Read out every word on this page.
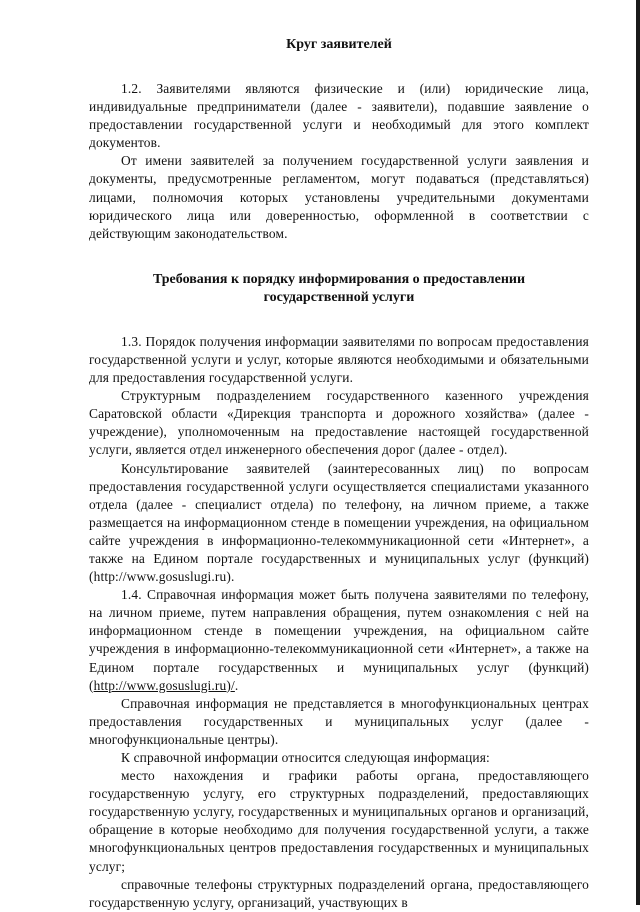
Круг заявителей

1.2. Заявителями являются физические и (или) юридические лица, индивидуальные предприниматели (далее - заявители), подавшие заявление о предоставлении государственной услуги и необходимый для этого комплект документов.

От имени заявителей за получением государственной услуги заявления и документы, предусмотренные регламентом, могут подаваться (представляться) лицами, полномочия которых установлены учредительными документами юридического лица или доверенностью, оформленной в соответствии с действующим законодательством.

Требования к порядку информирования о предоставлении
государственной услуги

1.3. Порядок получения информации заявителями по вопросам предоставления государственной услуги и услуг, которые являются необходимыми и обязательными для предоставления государственной услуги.

Структурным подразделением государственного казенного учреждения Саратовской области «Дирекция транспорта и дорожного хозяйства» (далее - учреждение), уполномоченным на предоставление настоящей государственной услуги, является отдел инженерного обеспечения дорог (далее - отдел).

Консультирование заявителей (заинтересованных лиц) по вопросам предоставления государственной услуги осуществляется специалистами указанного отдела (далее - специалист отдела) по телефону, на личном приеме, а также размещается на информационном стенде в помещении учреждения, на официальном сайте учреждения в информационно-телекоммуникационной сети «Интернет», а также на Едином портале государственных и муниципальных услуг (функций) (http://www.gosuslugi.ru).

1.4. Справочная информация может быть получена заявителями по телефону, на личном приеме, путем направления обращения, путем ознакомления с ней на информационном стенде в помещении учреждения, на официальном сайте учреждения в информационно-телекоммуникационной сети «Интернет», а также на Едином портале государственных и муниципальных услуг (функций) (http://www.gosuslugi.ru)/.

Справочная информация не представляется в многофункциональных центрах предоставления государственных и муниципальных услуг (далее - многофункциональные центры).

К справочной информации относится следующая информация:

место нахождения и графики работы органа, предоставляющего государственную услугу, его структурных подразделений, предоставляющих государственную услугу, государственных и муниципальных органов и организаций, обращение в которые необходимо для получения государственной услуги, а также многофункциональных центров предоставления государственных и муниципальных услуг;

справочные телефоны структурных подразделений органа, предоставляющего государственную услугу, организаций, участвующих в
